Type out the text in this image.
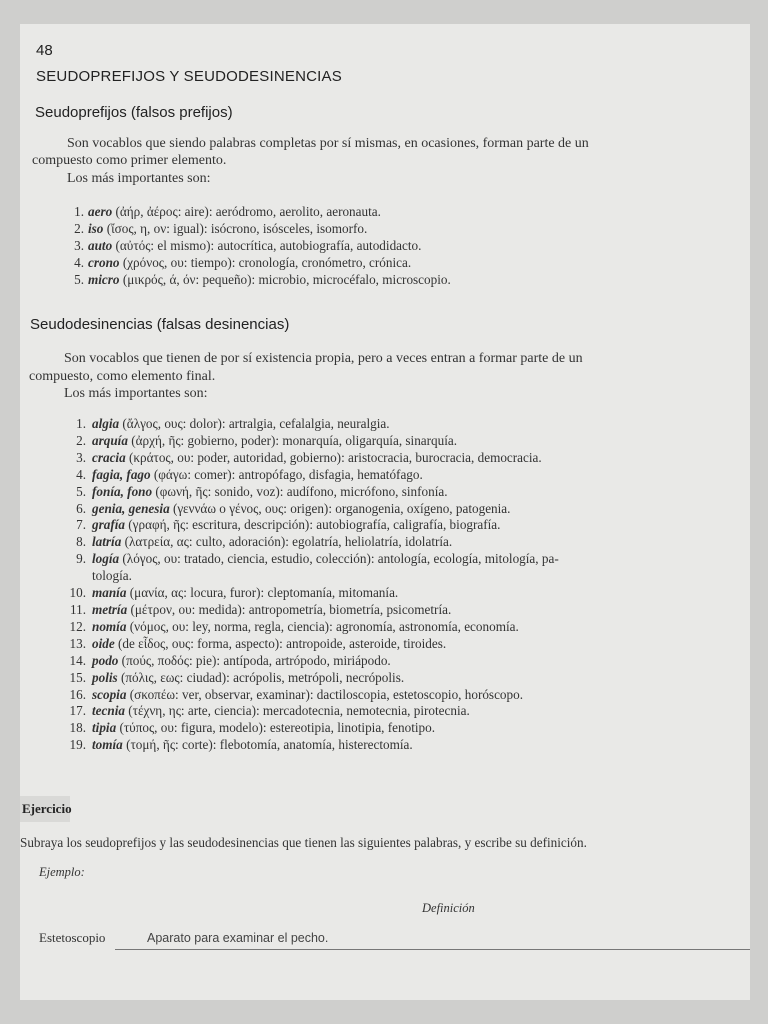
48
SEUDOPREFIJOS Y SEUDODESINENCIAS
Seudoprefijos (falsos prefijos)
Son vocablos que siendo palabras completas por sí mismas, en ocasiones, forman parte de un
compuesto como primer elemento.
Los más importantes son:
1. aero (ἀήρ, ἀέρος: aire): aeródromo, aerolito, aeronauta.
2. iso (ἴσος, η, ον: igual): isócrono, isósceles, isomorfo.
3. auto (αὐτός: el mismo): autocrítica, autobiografía, autodidacto.
4. crono (χρόνος, ου: tiempo): cronología, cronómetro, crónica.
5. micro (μικρός, ά, όν: pequeño): microbio, microcéfalo, microscopio.
Seudodesinencias (falsas desinencias)
Son vocablos que tienen de por sí existencia propia, pero a veces entran a formar parte de un
compuesto, como elemento final.
Los más importantes son:
1. algia (ἄλγος, ους: dolor): artralgia, cefalalgia, neuralgia.
2. arquía (ἀρχή, ῆς: gobierno, poder): monarquía, oligarquía, sinarquía.
3. cracia (κράτος, ου: poder, autoridad, gobierno): aristocracia, burocracia, democracia.
4. fagia, fago (φάγω: comer): antropófago, disfagia, hematófago.
5. fonía, fono (φωνή, ῆς: sonido, voz): audífono, micrófono, sinfonía.
6. genia, genesia (γεννάω o γένος, ους: origen): organogenia, oxígeno, patogenia.
7. grafía (γραφή, ῆς: escritura, descripción): autobiografía, caligrafía, biografía.
8. latría (λατρεία, ας: culto, adoración): egolatría, heliolatría, idolatría.
9. logía (λόγος, ου: tratado, ciencia, estudio, colección): antología, ecología, mitología, pa-
tología.
10. manía (μανία, ας: locura, furor): cleptomanía, mitomanía.
11. metría (μέτρον, ου: medida): antropometría, biometría, psicometría.
12. nomía (νόμος, ου: ley, norma, regla, ciencia): agronomía, astronomía, economía.
13. oide (de εἶδος, ους: forma, aspecto): antropoide, asteroide, tiroides.
14. podo (πούς, ποδός: pie): antípoda, artrópodo, miriápodo.
15. polis (πόλις, εως: ciudad): acrópolis, metrópoli, necrópolis.
16. scopia (σκοπέω: ver, observar, examinar): dactiloscopia, estetoscopio, horóscopo.
17. tecnia (τέχνη, ης: arte, ciencia): mercadotecnia, nemotecnia, pirotecnia.
18. tipia (τύπος, ου: figura, modelo): estereotipia, linotipia, fenotipo.
19. tomía (τομή, ῆς: corte): flebotomía, anatomía, histerectomía.
Ejercicio
Subraya los seudoprefijos y las seudodesinencias que tienen las siguientes palabras, y escribe su definición.
Ejemplo:
Definición
Estetoscopio	Aparato para examinar el pecho.
